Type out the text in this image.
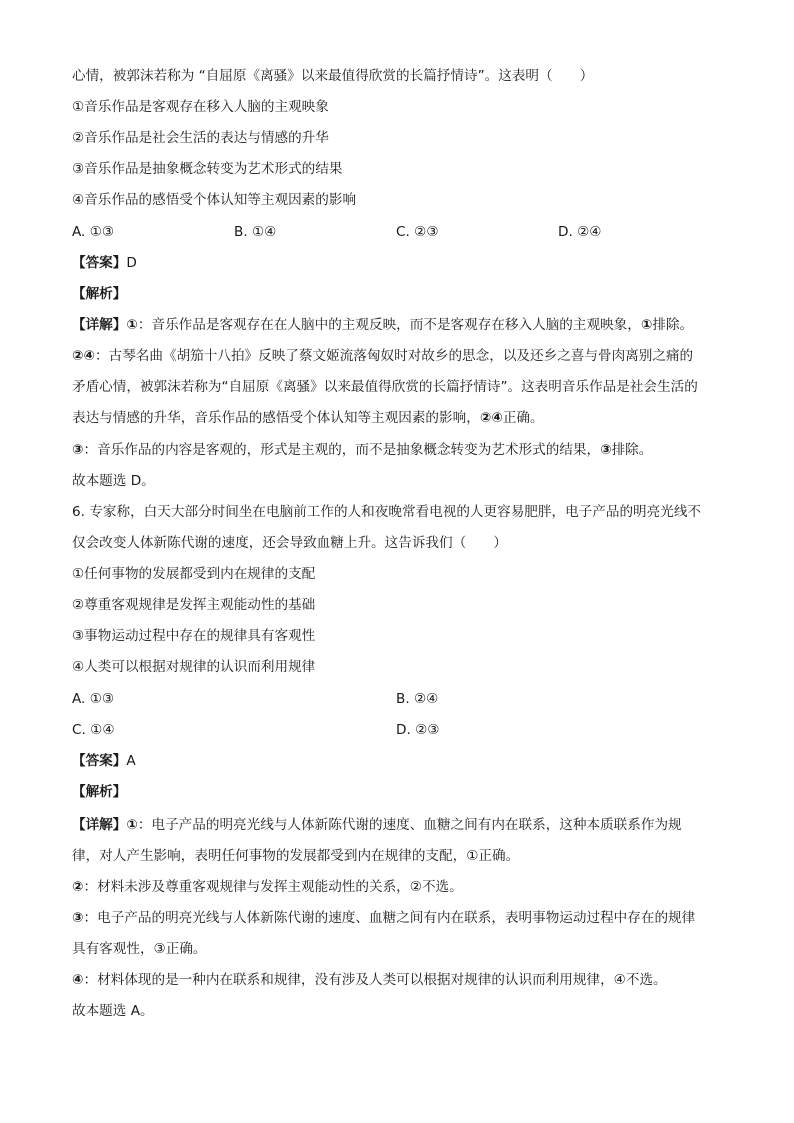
心情，被郭沫若称为 “自屈原《离骚》以来最值得欣赏的长篇抒情诗”。这表明（　　）
①音乐作品是客观存在移入人脑的主观映象
②音乐作品是社会生活的表达与情感的升华
③音乐作品是抽象概念转变为艺术形式的结果
④音乐作品的感悟受个体认知等主观因素的影响
A. ①③	B. ①④	C. ②③	D. ②④
【答案】D
【解析】
【详解】①：音乐作品是客观存在在人脑中的主观反映，而不是客观存在移入人脑的主观映象，①排除。
②④：古琴名曲《胡笳十八拍》反映了蔡文姬流落匈奴时对故乡的思念，以及还乡之喜与骨肉离别之痛的
矛盾心情，被郭沫若称为“自屈原《离骚》以来最值得欣赏的长篇抒情诗”。这表明音乐作品是社会生活的
表达与情感的升华，音乐作品的感悟受个体认知等主观因素的影响，②④正确。
③：音乐作品的内容是客观的，形式是主观的，而不是抽象概念转变为艺术形式的结果，③排除。
故本题选 D。
6. 专家称，白天大部分时间坐在电脑前工作的人和夜晚常看电视的人更容易肥胖，电子产品的明亮光线不
仅会改变人体新陈代谢的速度，还会导致血糖上升。这告诉我们（　　）
①任何事物的发展都受到内在规律的支配
②尊重客观规律是发挥主观能动性的基础
③事物运动过程中存在的规律具有客观性
④人类可以根据对规律的认识而利用规律
A. ①③	B. ②④
C. ①④	D. ②③
【答案】A
【解析】
【详解】①：电子产品的明亮光线与人体新陈代谢的速度、血糖之间有内在联系，这种本质联系作为规
律，对人产生影响，表明任何事物的发展都受到内在规律的支配，①正确。
②：材料未涉及尊重客观规律与发挥主观能动性的关系，②不选。
③：电子产品的明亮光线与人体新陈代谢的速度、血糖之间有内在联系，表明事物运动过程中存在的规律
具有客观性，③正确。
④：材料体现的是一种内在联系和规律，没有涉及人类可以根据对规律的认识而利用规律，④不选。
故本题选 A。
